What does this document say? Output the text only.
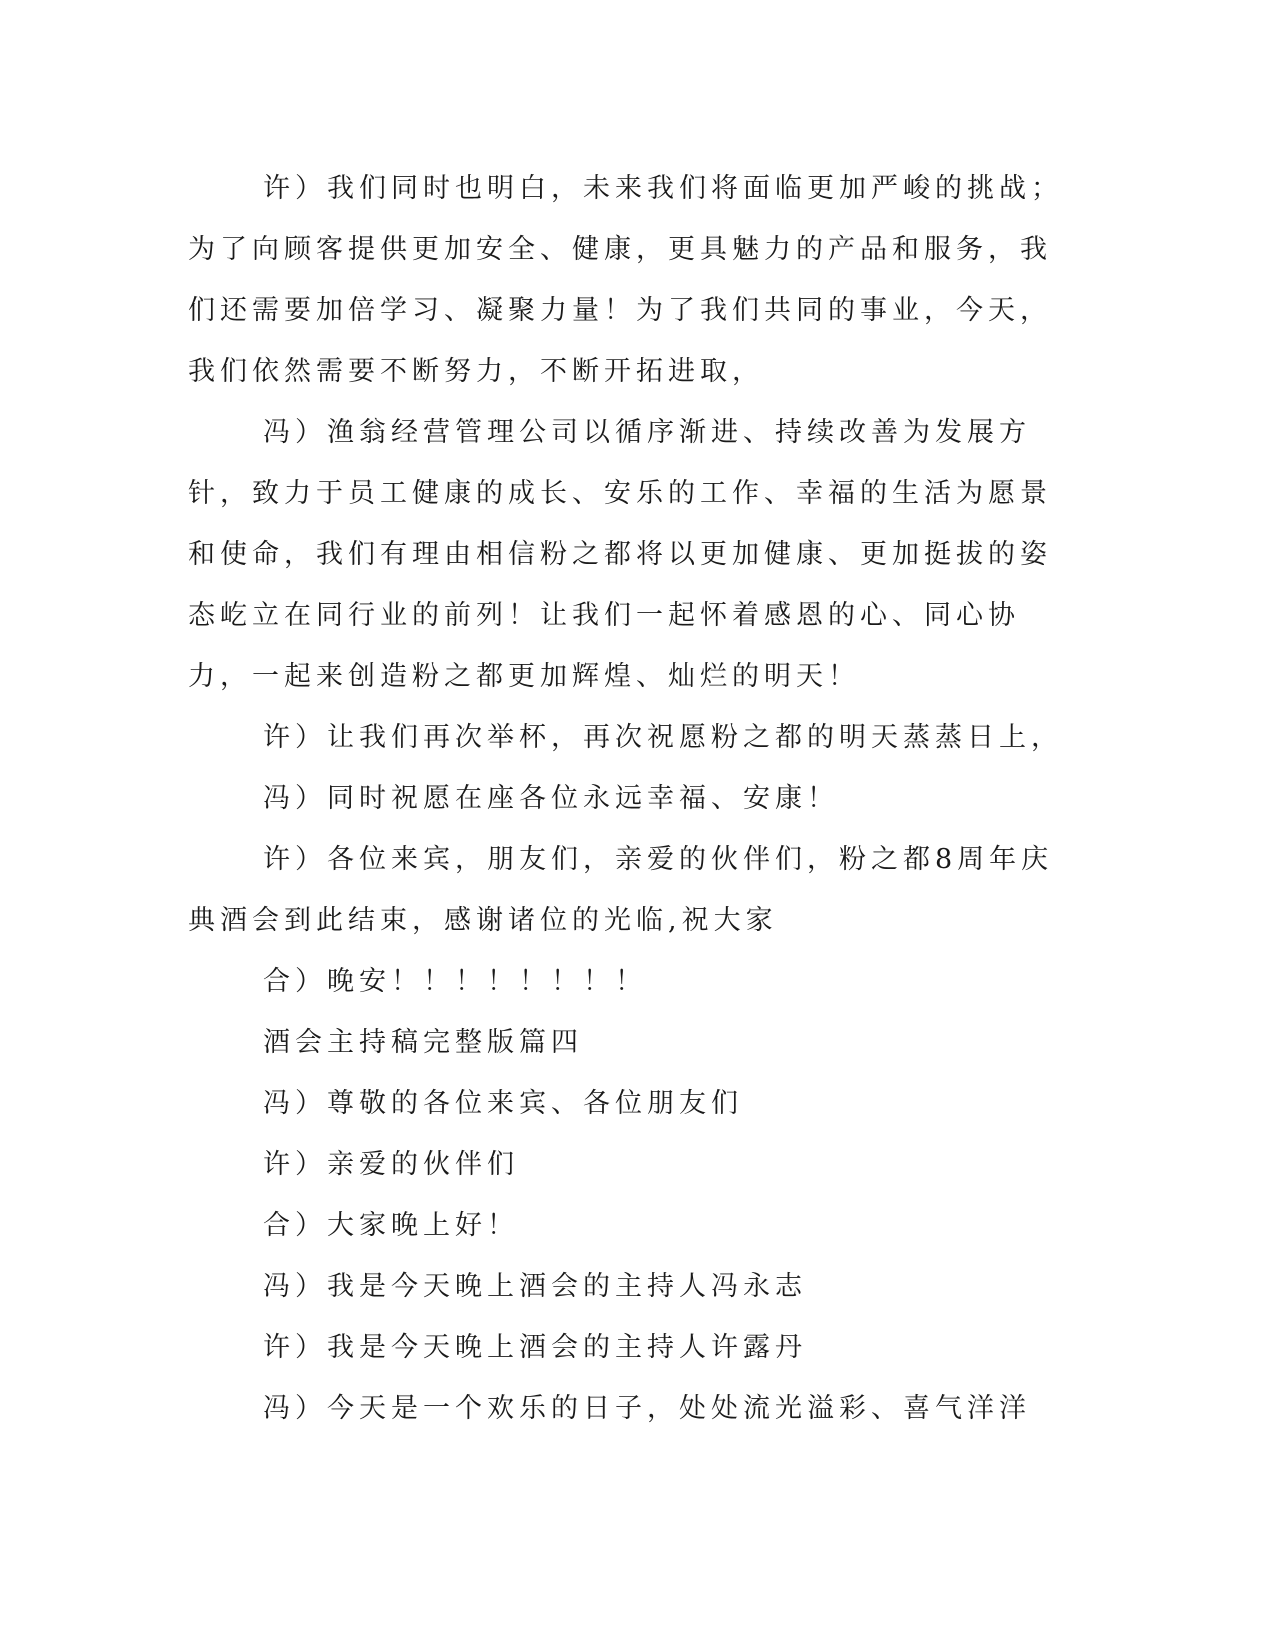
许）我们同时也明白，未来我们将面临更加严峻的挑战；为了向顾客提供更加安全、健康，更具魅力的产品和服务，我们还需要加倍学习、凝聚力量！为了我们共同的事业，今天，我们依然需要不断努力，不断开拓进取，

冯）渔翁经营管理公司以循序渐进、持续改善为发展方针，致力于员工健康的成长、安乐的工作、幸福的生活为愿景和使命，我们有理由相信粉之都将以更加健康、更加挺拔的姿态屹立在同行业的前列！让我们一起怀着感恩的心、同心协力，一起来创造粉之都更加辉煌、灿烂的明天！

许）让我们再次举杯，再次祝愿粉之都的明天蒸蒸日上，

冯）同时祝愿在座各位永远幸福、安康！

许）各位来宾，朋友们，亲爱的伙伴们，粉之都8周年庆典酒会到此结束，感谢诸位的光临,祝大家

合）晚安！！！！！！！！

酒会主持稿完整版篇四

冯）尊敬的各位来宾、各位朋友们

许）亲爱的伙伴们

合）大家晚上好！

冯）我是今天晚上酒会的主持人冯永志

许）我是今天晚上酒会的主持人许露丹

冯）今天是一个欢乐的日子，处处流光溢彩、喜气洋洋
